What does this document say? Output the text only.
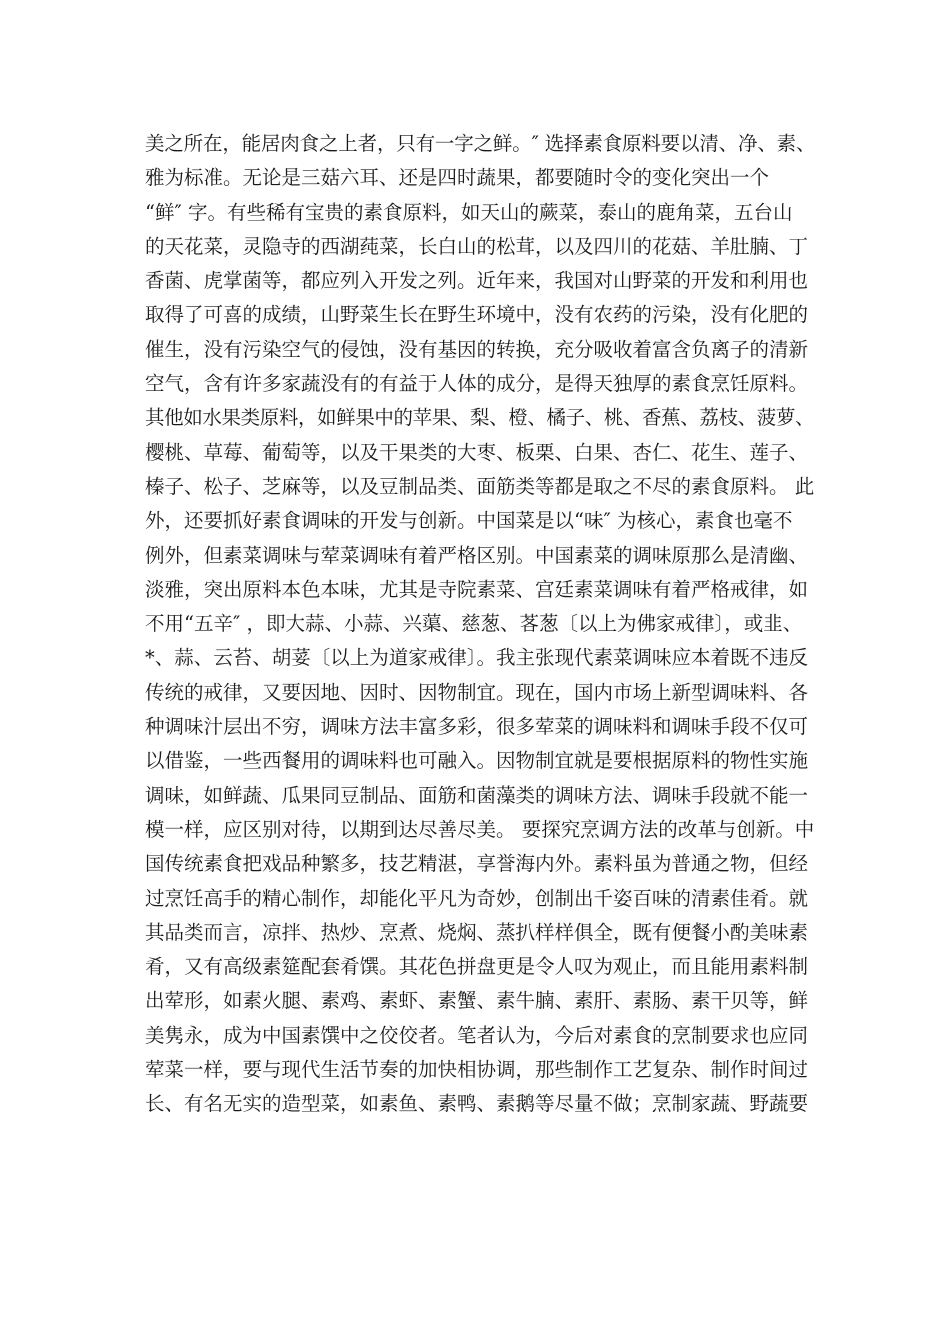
美之所在，能居肉食之上者，只有一字之鲜。″ 选择素食原料要以清、净、素、
雅为标准。无论是三菇六耳、还是四时蔬果，都要随时令的变化突出一个
“鲜″ 字。有些稀有宝贵的素食原料，如天山的蕨菜，泰山的鹿角菜，五台山
的天花菜，灵隐寺的西湖莼菜，长白山的松茸，以及四川的花菇、羊肚腩、丁
香菌、虎掌菌等，都应列入开发之列。近年来，我国对山野菜的开发和利用也
取得了可喜的成绩，山野菜生长在野生环境中，没有农药的污染，没有化肥的
催生，没有污染空气的侵蚀，没有基因的转换，充分吸收着富含负离子的清新
空气，含有许多家蔬没有的有益于人体的成分，是得天独厚的素食烹饪原料。
其他如水果类原料，如鲜果中的苹果、梨、橙、橘子、桃、香蕉、荔枝、菠萝、
樱桃、草莓、葡萄等，以及干果类的大枣、板栗、白果、杏仁、花生、莲子、
榛子、松子、芝麻等，以及豆制品类、面筋类等都是取之不尽的素食原料。 此
外，还要抓好素食调味的开发与创新。中国菜是以“味″ 为核心，素食也毫不
例外，但素菜调味与荤菜调味有着严格区别。中国素菜的调味原那么是清幽、
淡雅，突出原料本色本味，尤其是寺院素菜、宫廷素菜调味有着严格戒律，如
不用“五辛″ ，即大蒜、小蒜、兴蕖、慈葱、茖葱〔以上为佛家戒律〕，或韭、
*、蒜、云苔、胡荽〔以上为道家戒律〕。我主张现代素菜调味应本着既不违反
传统的戒律，又要因地、因时、因物制宜。现在，国内市场上新型调味料、各
种调味汁层出不穷，调味方法丰富多彩，很多荤菜的调味料和调味手段不仅可
以借鉴，一些西餐用的调味料也可融入。因物制宜就是要根据原料的物性实施
调味，如鲜蔬、瓜果同豆制品、面筋和菌藻类的调味方法、调味手段就不能一
模一样，应区别对待，以期到达尽善尽美。 要探究烹调方法的改革与创新。中
国传统素食把戏品种繁多，技艺精湛，享誉海内外。素料虽为普通之物，但经
过烹饪高手的精心制作，却能化平凡为奇妙，创制出千姿百味的清素佳肴。就
其品类而言，凉拌、热炒、烹煮、烧焖、蒸扒样样俱全，既有便餐小酌美味素
肴，又有高级素筵配套肴馔。其花色拼盘更是令人叹为观止，而且能用素料制
出荤形，如素火腿、素鸡、素虾、素蟹、素牛腩、素肝、素肠、素干贝等，鲜
美隽永，成为中国素馔中之佼佼者。笔者认为，今后对素食的烹制要求也应同
荤菜一样，要与现代生活节奏的加快相协调，那些制作工艺复杂、制作时间过
长、有名无实的造型菜，如素鱼、素鸭、素鹅等尽量不做；烹制家蔬、野蔬要
